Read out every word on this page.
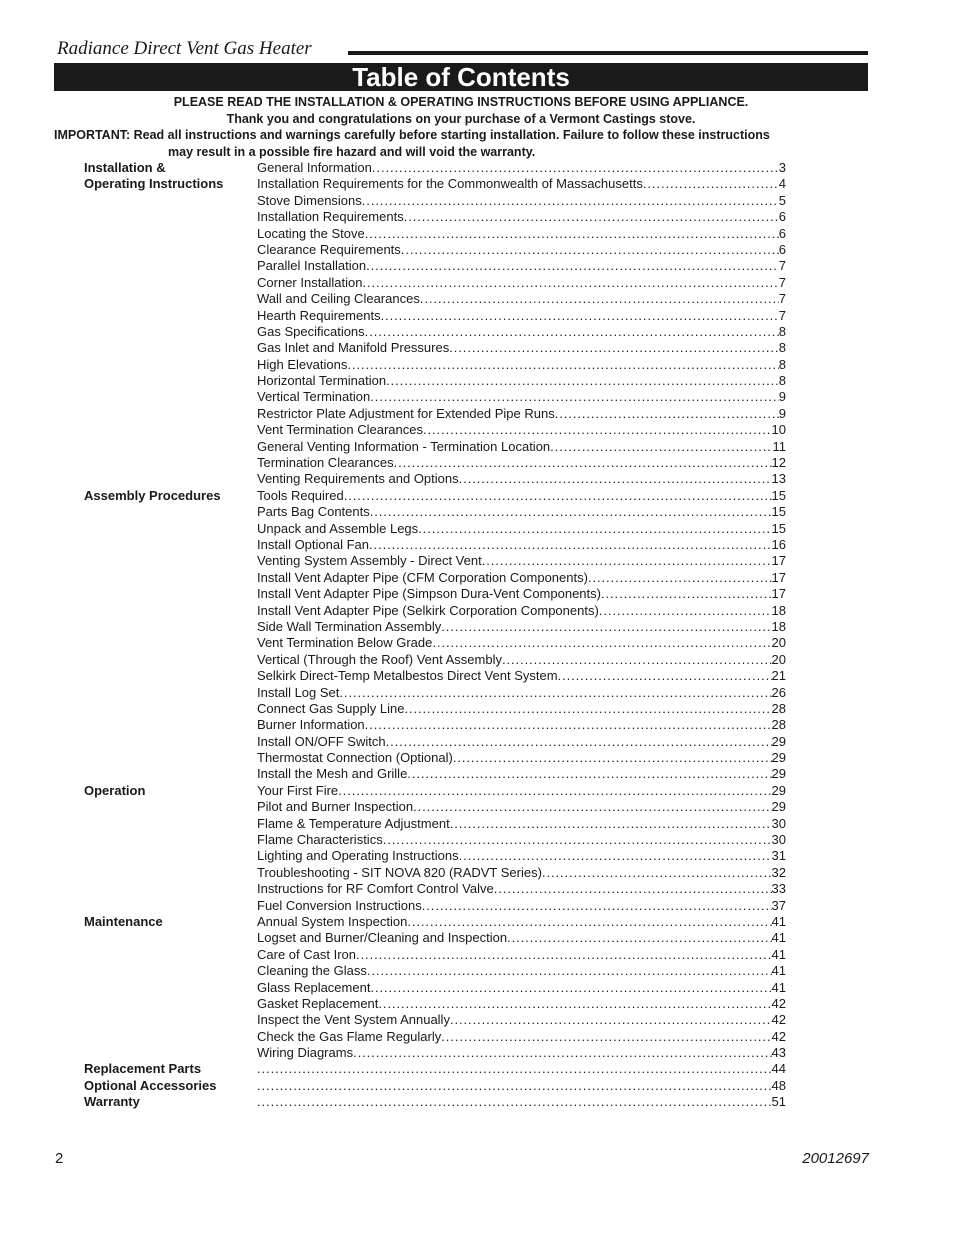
Radiance Direct Vent Gas Heater
Table of Contents
PLEASE READ THE INSTALLATION & OPERATING INSTRUCTIONS BEFORE USING APPLIANCE.
Thank you and congratulations on your purchase of a Vermont Castings stove.
IMPORTANT: Read all instructions and warnings carefully before starting installation. Failure to follow these instructions
may result in a possible fire hazard and will void the warranty.
Installation &	General Information . . .	3
Operating Instructions	Installation Requirements for the Commonwealth of Massachusetts . . .	4
Stove Dimensions . . .	5
Installation Requirements . . .	6
Locating the Stove . . .	6
Clearance Requirements . . .	6
Parallel Installation . . .	7
Corner Installation . . .	7
Wall and Ceiling Clearances . . .	7
Hearth Requirements . . .	7
Gas Specifications . . .	8
Gas Inlet and Manifold Pressures . . .	8
High Elevations . . .	8
Horizontal Termination . . .	8
Vertical Termination . . .	9
Restrictor Plate Adjustment for Extended Pipe Runs . . .	9
Vent Termination Clearances . . .	10
General Venting Information - Termination Location . . .	11
Termination Clearances . . .	12
Venting Requirements and Options . . .	13
Assembly Procedures	Tools Required . . .	15
Parts Bag Contents . . .	15
Unpack and Assemble Legs . . .	15
Install Optional Fan . . .	16
Venting System Assembly - Direct Vent . . .	17
Install Vent Adapter Pipe (CFM Corporation Components) . . .	17
Install Vent Adapter Pipe (Simpson Dura-Vent Components) . . .	17
Install Vent Adapter Pipe (Selkirk Corporation Components) . . .	18
Side Wall Termination Assembly . . .	18
Vent Termination Below Grade . . .	20
Vertical (Through the Roof) Vent Assembly . . .	20
Selkirk Direct-Temp Metalbestos Direct Vent System . . .	21
Install Log Set . . .	26
Connect Gas Supply Line . . .	28
Burner Information . . .	28
Install ON/OFF Switch . . .	29
Thermostat Connection (Optional) . . .	29
Install the Mesh and Grille . . .	29
Operation	Your First Fire . . .	29
Pilot and Burner Inspection . . .	29
Flame & Temperature Adjustment . . .	30
Flame Characteristics . . .	30
Lighting and Operating Instructions . . .	31
Troubleshooting - SIT NOVA 820 (RADVT Series) . . .	32
Instructions for RF Comfort Control Valve . . .	33
Fuel Conversion Instructions . . .	37
Maintenance	Annual System Inspection . . .	41
Logset and Burner/Cleaning and Inspection . . .	41
Care of Cast Iron . . .	41
Cleaning the Glass . . .	41
Glass Replacement . . .	41
Gasket Replacement . . .	42
Inspect the Vent System Annually . . .	42
Check the Gas Flame Regularly . . .	42
Wiring Diagrams . . .	43
Replacement Parts . . .	44
Optional Accessories . . .	48
Warranty . . .	51
2	20012697
